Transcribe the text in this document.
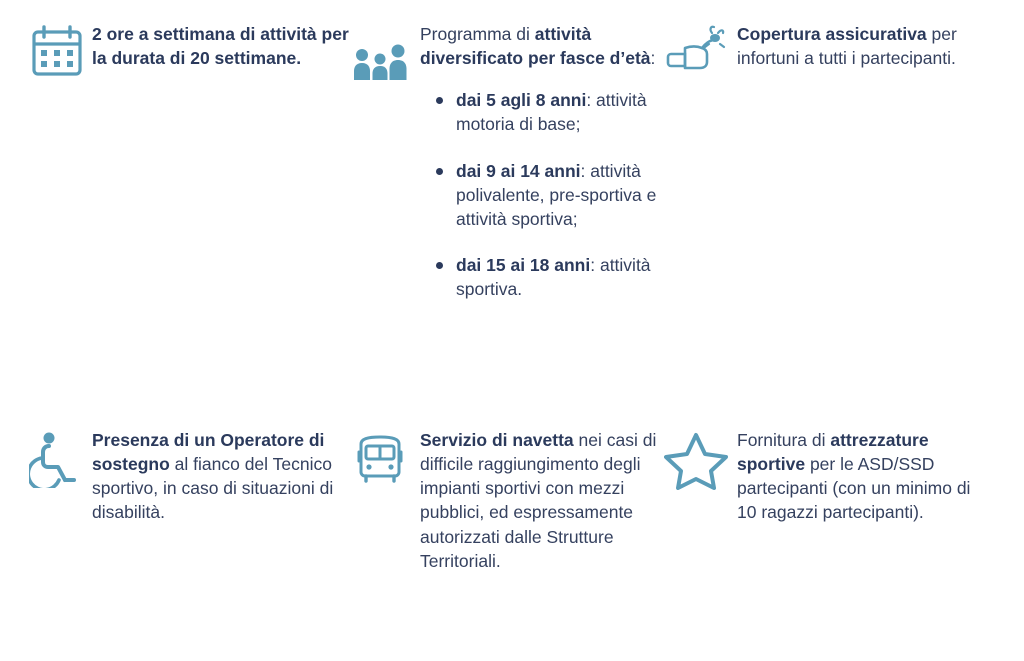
2 ore a settimana di attività per la durata di 20 settimane.
Programma di attività diversificato per fasce d’età:
dai 5 agli 8 anni: attività motoria di base;
dai 9 ai 14 anni: attività polivalente, pre-sportiva e attività sportiva;
dai 15 ai 18 anni: attività sportiva.
Copertura assicurativa per infortuni a tutti i partecipanti.
Presenza di un Operatore di sostegno al fianco del Tecnico sportivo, in caso di situazioni di disabilità.
Servizio di navetta nei casi di difficile raggiungimento degli impianti sportivi con mezzi pubblici, ed espressamente autorizzati dalle Strutture Territoriali.
Fornitura di attrezzature sportive per le ASD/SSD partecipanti (con un minimo di 10 ragazzi partecipanti).
